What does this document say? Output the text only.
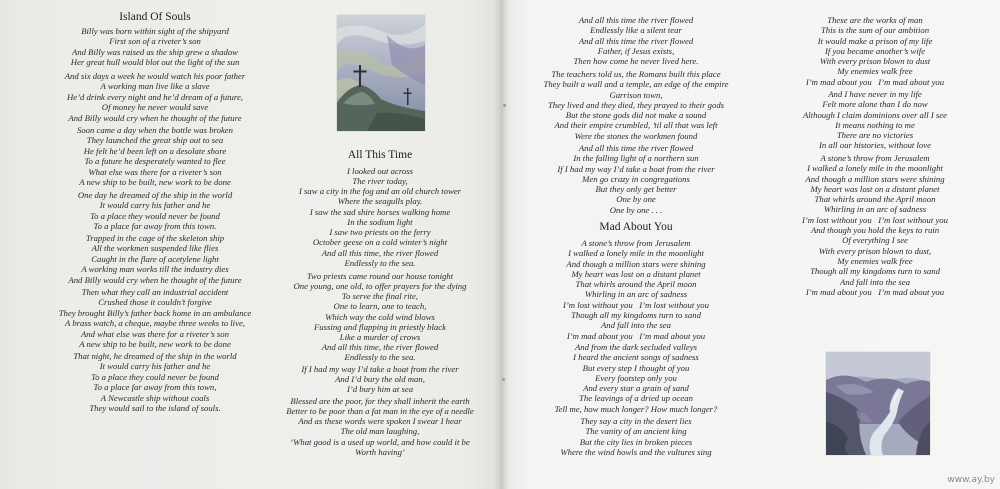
Island Of Souls
Billy was born within sight of the shipyard
First son of a riveter’s son
And Billy was raised as the ship grew a shadow
Her great hull would blot out the light of the sun
And six days a week he would watch his poor father
A working man live like a slave
He’d drink every night and he’d dream of a future,
Of money he never would save
And Billy would cry when he thought of the future
Soon came a day when the bottle was broken
They launched the great ship out to sea
He felt he’d been left on a desolate shore
To a future he desperately wanted to flee
What else was there for a riveter’s son
A new ship to be built, new work to be done
One day he dreamed of the ship in the world
It would carry his father and he
To a place they would never be found
To a place far away from this town.
Trapped in the cage of the skeleton ship
All the workmen suspended like flies
Caught in the flare of acetylene light
A working man works till the industry dies
And Billy would cry when he thought of the future
Then what they call an industrial accident
Crushed those it couldn’t forgive
They brought Billy’s father back home in an ambulance
A brass watch, a cheque, maybe three weeks to live,
And what else was there for a riveter’s son
A new ship to be built, new work to be done
That night, he dreamed of the ship in the world
It would carry his father and he
To a place they could never be found
To a place far away from this town,
A Newcastle ship without coals
They would sail to the island of souls.
All This Time
I looked out across
The river today,
I saw a city in the fog and an old church tower
Where the seagulls play.
I saw the sad shire horses walking home
In the sodium light
I saw two priests on the ferry
October geese on a cold winter’s night
And all this time, the river flowed
Endlessly to the sea.
Two priests came round our house tonight
One young, one old, to offer prayers for the dying
To serve the final rite,
One to learn, one to teach,
Which way the cold wind blows
Fussing and flapping in priestly black
Like a murder of crows
And all this time, the river flowed
Endlessly to the sea.
If I had my way I’d take a boat from the river
And I’d bury the old man,
I’d bury him at sea
Blessed are the poor, for they shall inherit the earth
Better to be poor than a fat man in the eye of a needle
And as these words were spoken I swear I hear
The old man laughing,
‘What good is a used up world, and how could it be
Worth having’
And all this time the river flowed
Endlessly like a silent tear
And all this time the river flowed
Father, if Jesus exists,
Then how come he never lived here.
The teachers told us, the Romans built this place
They built a wall and a temple, an edge of the empire
Garrison town,
They lived and they died, they prayed to their gods
But the stone gods did not make a sound
And their empire crumbled, ’til all that was left
Were the stones the workmen found
And all this time the river flowed
In the falling light of a northern sun
If I had my way I’d take a boat from the river
Men go crazy in congregations
But they only get better
One by one
One by one . . .
Mad About You
A stone’s throw from Jerusalem
I walked a lonely mile in the moonlight
And though a million stars were shining
My heart was lost on a distant planet
That whirls around the April moon
Whirling in an arc of sadness
I’m lost without you   I’m lost without you
Though all my kingdoms turn to sand
And fall into the sea
I’m mad about you   I’m mad about you
And from the dark secluded valleys
I heard the ancient songs of sadness
But every step I thought of you
Every footstep only you
And every star a grain of sand
The leavings of a dried up ocean
Tell me, how much longer? How much longer?
They say a city in the desert lies
The vanity of an ancient king
But the city lies in broken pieces
Where the wind howls and the vultures sing
These are the works of man
This is the sum of our ambition
It would make a prison of my life
If you became another’s wife
With every prison blown to dust
My enemies walk free
I’m mad about you   I’m mad about you
And I have never in my life
Felt more alone than I do now
Although I claim dominions over all I see
It means nothing to me
There are no victories
In all our histories, without love
A stone’s throw from Jerusalem
I walked a lonely mile in the moonlight
And though a million stars were shining
My heart was lost on a distant planet
That whirls around the April moon
Whirling in an arc of sadness
I’m lost without you   I’m lost without you
And though you hold the keys to ruin
Of everything I see
With every prison blown to dust,
My enemies walk free
Though all my kingdoms turn to sand
And fall into the sea
I’m mad about you   I’m mad about you
www.ay.by
